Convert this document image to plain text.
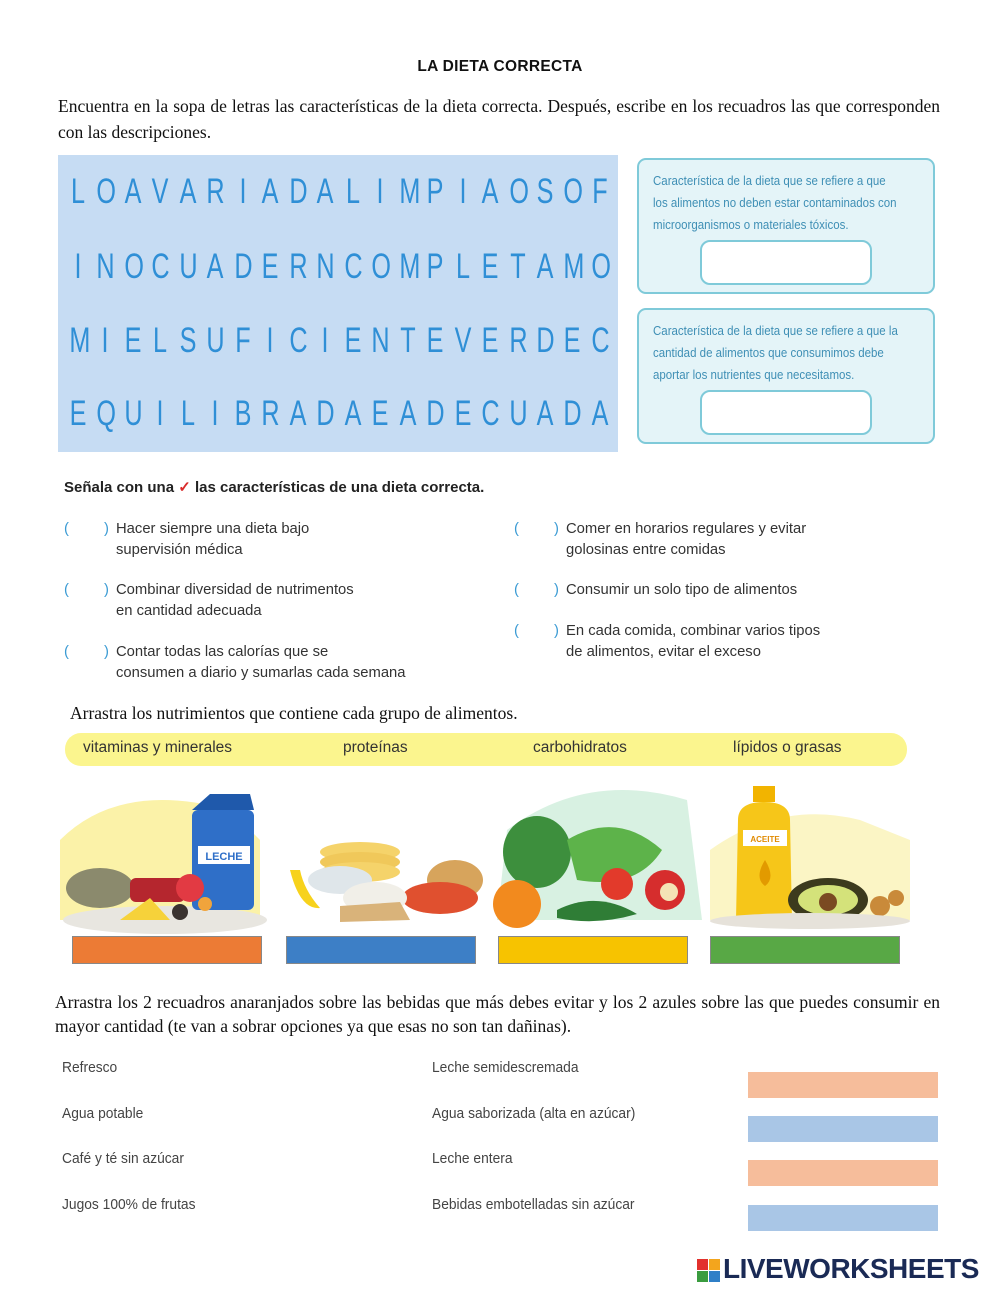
LA DIETA CORRECTA
Encuentra en la sopa de letras las características de la dieta correcta. Después, escribe en los recuadros las que corresponden con las descripciones.
L O A V A R I A D A L I M P I A O S O F
I N O C U A D E R N C O M P L E T A M O
M I E L S U F I C I E N T E V E R D E C
E Q U I L I B R A D A E A D E C U A D A
Característica de la dieta que se refiere a que los alimentos no deben estar contaminados con microorganismos o materiales tóxicos.
Característica de la dieta que se refiere a que la cantidad de alimentos que consumimos debe aportar los nutrientes que necesitamos.
Señala con una ✓ las características de una dieta correcta.
( ) Hacer siempre una dieta bajo
supervisión médica
( ) Combinar diversidad de nutrimentos
en cantidad adecuada
( ) Contar todas las calorías que se
consumen a diario y sumarlas cada semana
( ) Comer en horarios regulares y evitar
golosinas entre comidas
( ) Consumir un solo tipo de alimentos
( ) En cada comida, combinar varios tipos
de alimentos, evitar el exceso
Arrastra los nutrimientos que contiene cada grupo de alimentos.
vitaminas y minerales	proteínas	carbohidratos	lípidos o grasas
LECHE
ACEITE
Arrastra los 2 recuadros anaranjados sobre las bebidas que más debes evitar y los 2 azules sobre las que puedes consumir en mayor cantidad (te van a sobrar opciones ya que esas no son tan dañinas).
Refresco
Agua potable
Café y té sin azúcar
Jugos 100% de frutas
Leche semidescremada
Agua saborizada (alta en azúcar)
Leche entera
Bebidas embotelladas sin azúcar
LIVEWORKSHEETS
